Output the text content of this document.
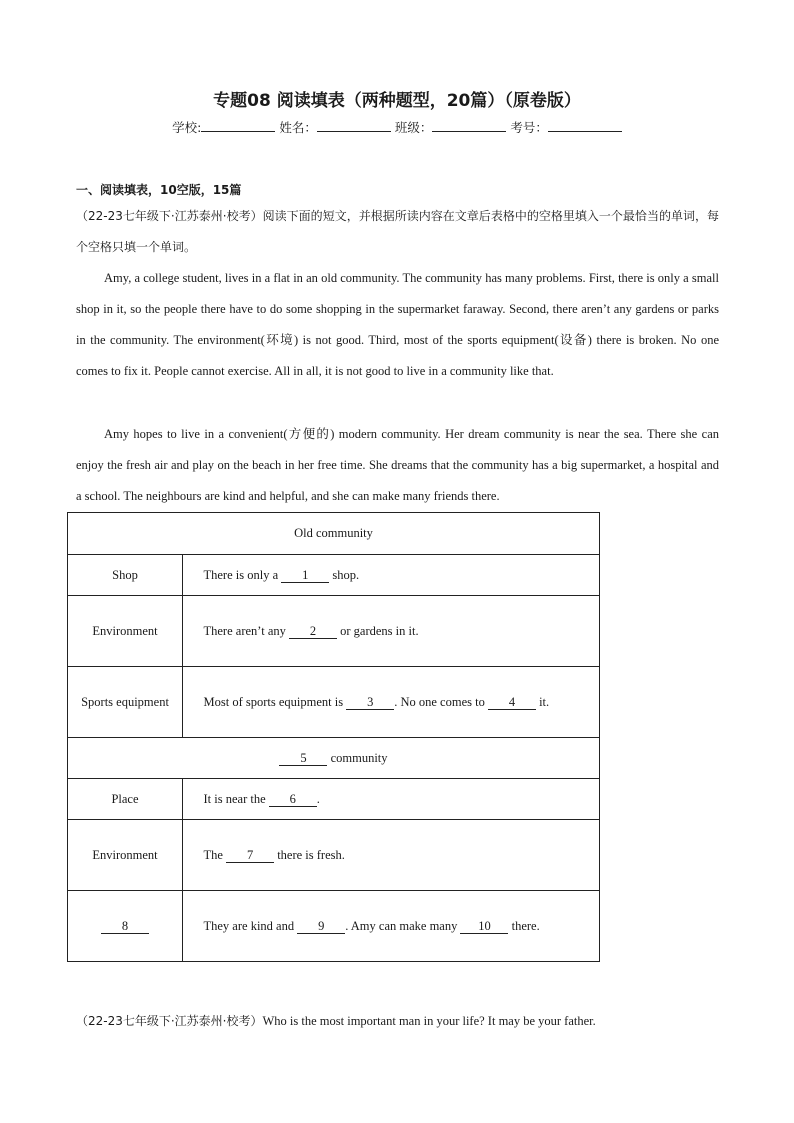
专题08 阅读填表（两种题型，20篇）（原卷版）
学校:	姓名：	班级：	考号：
一、阅读填表，10空版，15篇
（22-23七年级下·江苏泰州·校考）阅读下面的短文，并根据所读内容在文章后表格中的空格里填入一个最恰当的单词，每个空格只填一个单词。
Amy, a college student, lives in a flat in an old community. The community has many problems. First, there is only a small shop in it, so the people there have to do some shopping in the supermarket faraway. Second, there aren’t any gardens or parks in the community. The environment(环境) is not good. Third, most of the sports equipment(设备) there is broken. No one comes to fix it. People cannot exercise. All in all, it is not good to live in a community like that.
Amy hopes to live in a convenient(方便的) modern community. Her dream community is near the sea. There she can enjoy the fresh air and play on the beach in her free time. She dreams that the community has a big supermarket, a hospital and a school. The neighbours are kind and helpful, and she can make many friends there.
Old community	
Shop	There is only a 1 shop.
Environment	There aren’t any 2 or gardens in it.
Sports equipment	Most of sports equipment is 3 . No one comes to 4 it.
5 community	
Place	It is near the 6 .
Environment	The 7 there is fresh.
8	They are kind and 9 . Amy can make many 10 there.
（22-23七年级下·江苏泰州·校考）Who is the most important man in your life? It may be your father.
